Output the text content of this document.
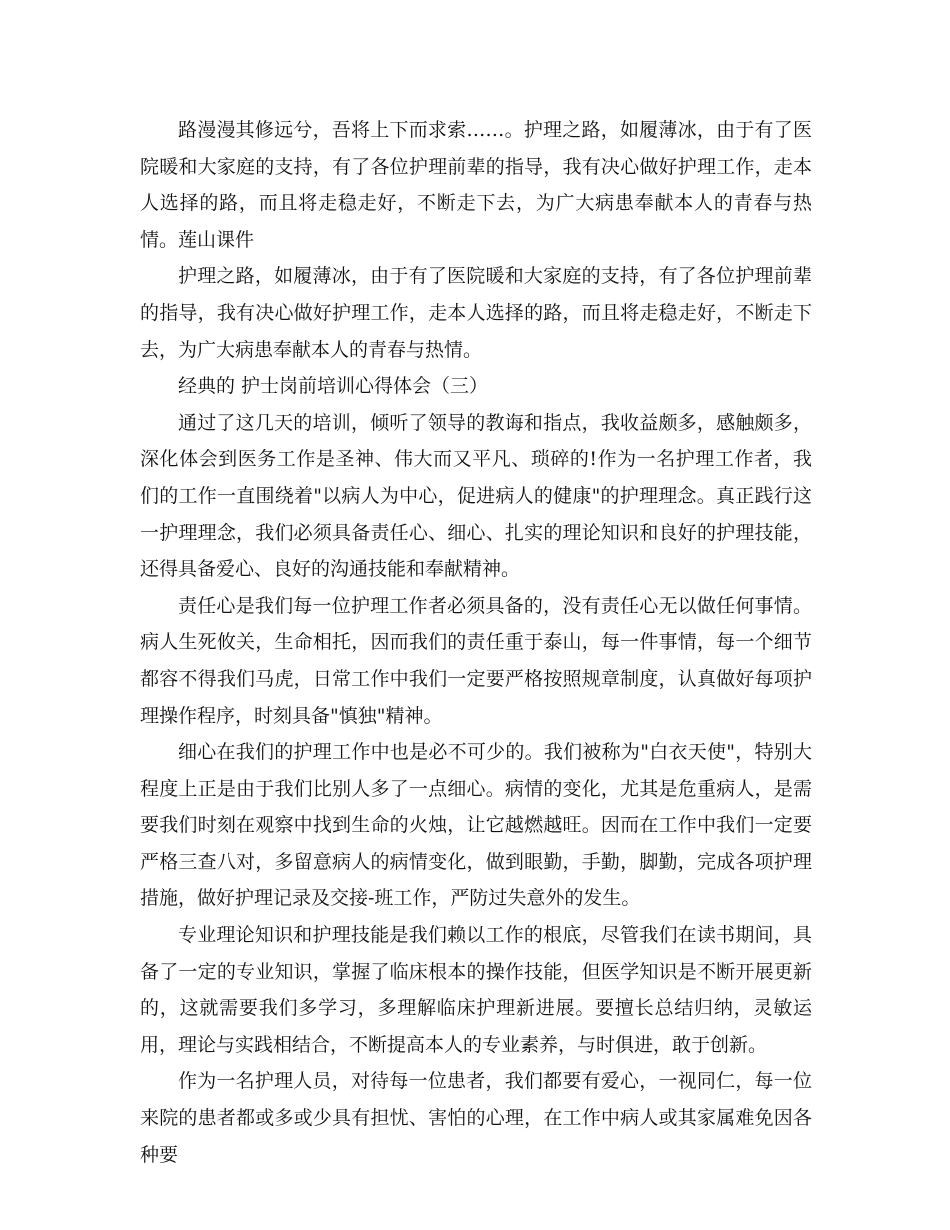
路漫漫其修远兮，吾将上下而求索……。护理之路，如履薄冰，由于有了医院暖和大家庭的支持，有了各位护理前辈的指导，我有决心做好护理工作，走本人选择的路，而且将走稳走好，不断走下去，为广大病患奉献本人的青春与热情。莲山课件

护理之路，如履薄冰，由于有了医院暖和大家庭的支持，有了各位护理前辈的指导，我有决心做好护理工作，走本人选择的路，而且将走稳走好，不断走下去，为广大病患奉献本人的青春与热情。

经典的 护士岗前培训心得体会（三）

通过了这几天的培训，倾听了领导的教诲和指点，我收益颇多，感触颇多，深化体会到医务工作是圣神、伟大而又平凡、琐碎的!作为一名护理工作者，我们的工作一直围绕着"以病人为中心，促进病人的健康"的护理理念。真正践行这一护理理念，我们必须具备责任心、细心、扎实的理论知识和良好的护理技能，还得具备爱心、良好的沟通技能和奉献精神。

责任心是我们每一位护理工作者必须具备的，没有责任心无以做任何事情。病人生死攸关，生命相托，因而我们的责任重于泰山，每一件事情，每一个细节都容不得我们马虎，日常工作中我们一定要严格按照规章制度，认真做好每项护理操作程序，时刻具备"慎独"精神。

细心在我们的护理工作中也是必不可少的。我们被称为"白衣天使"，特别大程度上正是由于我们比别人多了一点细心。病情的变化，尤其是危重病人，是需要我们时刻在观察中找到生命的火烛，让它越燃越旺。因而在工作中我们一定要严格三查八对，多留意病人的病情变化，做到眼勤，手勤，脚勤，完成各项护理措施，做好护理记录及交接-班工作，严防过失意外的发生。

专业理论知识和护理技能是我们赖以工作的根底，尽管我们在读书期间，具备了一定的专业知识，掌握了临床根本的操作技能，但医学知识是不断开展更新的，这就需要我们多学习，多理解临床护理新进展。要擅长总结归纳，灵敏运用，理论与实践相结合，不断提高本人的专业素养，与时俱进，敢于创新。

作为一名护理人员，对待每一位患者，我们都要有爱心，一视同仁，每一位来院的患者都或多或少具有担忧、害怕的心理，在工作中病人或其家属难免因各种要
